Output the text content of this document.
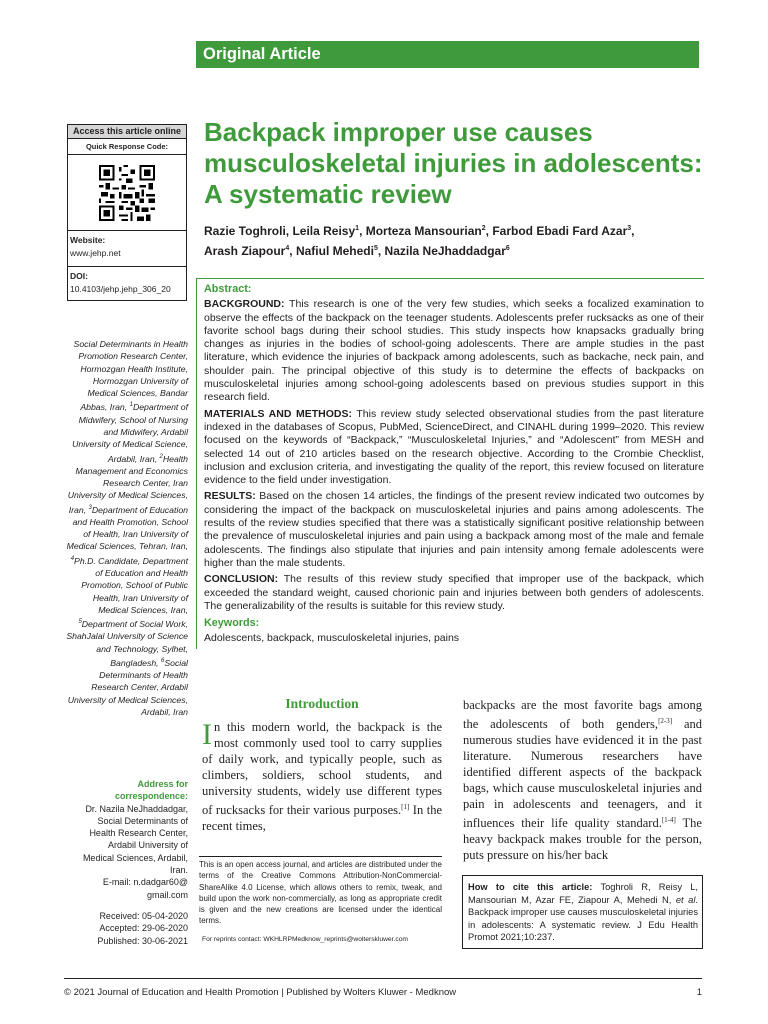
Original Article
Access this article online
Quick Response Code:
Website:
www.jehp.net
DOI:
10.4103/jehp.jehp_306_20
Backpack improper use causes musculoskeletal injuries in adolescents: A systematic review
Razie Toghroli, Leila Reisy$^1$, Morteza Mansourian$^2$, Farbod Ebadi Fard Azar$^3$,
Arash Ziapour$^4$, Nafiul Mehedi$^5$, Nazila NeJhaddadgar$^6$
Abstract:

BACKGROUND: This research is one of the very few studies, which seeks a focalized examination to observe the effects of the backpack on the teenager students. Adolescents prefer rucksacks as one of their favorite school bags during their school studies. This study inspects how knapsacks gradually bring changes as injuries in the bodies of school-going adolescents. There are ample studies in the past literature, which evidence the injuries of backpack among adolescents, such as backache, neck pain, and shoulder pain. The principal objective of this study is to determine the effects of backpacks on musculoskeletal injuries among school-going adolescents based on previous studies support in this research field.

MATERIALS AND METHODS: This review study selected observational studies from the past literature indexed in the databases of Scopus, PubMed, ScienceDirect, and CINAHL during 1999–2020. This review focused on the keywords of “Backpack,” “Musculoskeletal Injuries,” and “Adolescent” from MESH and selected 14 out of 210 articles based on the research objective. According to the Crombie Checklist, inclusion and exclusion criteria, and investigating the quality of the report, this review focused on literature evidence to the field under investigation.

RESULTS: Based on the chosen 14 articles, the findings of the present review indicated two outcomes by considering the impact of the backpack on musculoskeletal injuries and pains among adolescents. The results of the review studies specified that there was a statistically significant positive relationship between the prevalence of musculoskeletal injuries and pain using a backpack among most of the male and female adolescents. The findings also stipulate that injuries and pain intensity among female adolescents were higher than the male students.

CONCLUSION: The results of this review study specified that improper use of the backpack, which exceeded the standard weight, caused chorionic pain and injuries between both genders of adolescents. The generalizability of the results is suitable for this review study.

Keywords:

Adolescents, backpack, musculoskeletal injuries, pains

Social Determinants in Health Promotion Research Center, Hormozgan Health Institute, Hormozgan University of Medical Sciences, Bandar Abbas, Iran, $^1$Department of Midwifery, School of Nursing and Midwifery, Ardabil University of Medical Science, Ardabil, Iran, $^2$Health Management and Economics Research Center, Iran University of Medical Sciences, Iran, $^3$Department of Education and Health Promotion, School of Health, Iran University of Medical Sciences, Tehran, Iran, $^4$Ph.D. Candidate, Department of Education and Health Promotion, School of Public Health, Iran University of Medical Sciences, Iran, $^5$Department of Social Work, ShahJalal University of Science and Technology, Sylhet, Bangladesh, $^6$Social Determinants of Health Research Center, Ardabil University of Medical Sciences, Ardabil, Iran
Address for correspondence:
Dr. Nazila NeJhaddadgar,
Social Determinants of
Health Research Center,
Ardabil University of
Medical Sciences, Ardabil,
Iran.
E-mail: n.dadgar60@
gmail.com
Received: 05-04-2020
Accepted: 29-06-2020
Published: 30-06-2021
Introduction

In this modern world, the backpack is the most commonly used tool to carry supplies of daily work, and typically people, such as climbers, soldiers, school students, and university students, widely use different types of rucksacks for their various purposes.[1] In the recent times,

backpacks are the most favorite bags among the adolescents of both genders,[2-3] and numerous studies have evidenced it in the past literature. Numerous researchers have identified different aspects of the backpack bags, which cause musculoskeletal injuries and pain in adolescents and teenagers, and it influences their life quality standard.[1-4] The heavy backpack makes trouble for the person, puts pressure on his/her back

This is an open access journal, and articles are distributed under the terms of the Creative Commons Attribution-NonCommercial-ShareAlike 4.0 License, which allows others to remix, tweak, and build upon the work non-commercially, as long as appropriate credit is given and the new creations are licensed under the identical terms.
For reprints contact: WKHLRPMedknow_reprints@wolterskluwer.com
How to cite this article: Toghroli R, Reisy L, Mansourian M, Azar FE, Ziapour A, Mehedi N, et al. Backpack improper use causes musculoskeletal injuries in adolescents: A systematic review. J Edu Health Promot 2021;10:237.
© 2021 Journal of Education and Health Promotion | Published by Wolters Kluwer - Medknow	1
